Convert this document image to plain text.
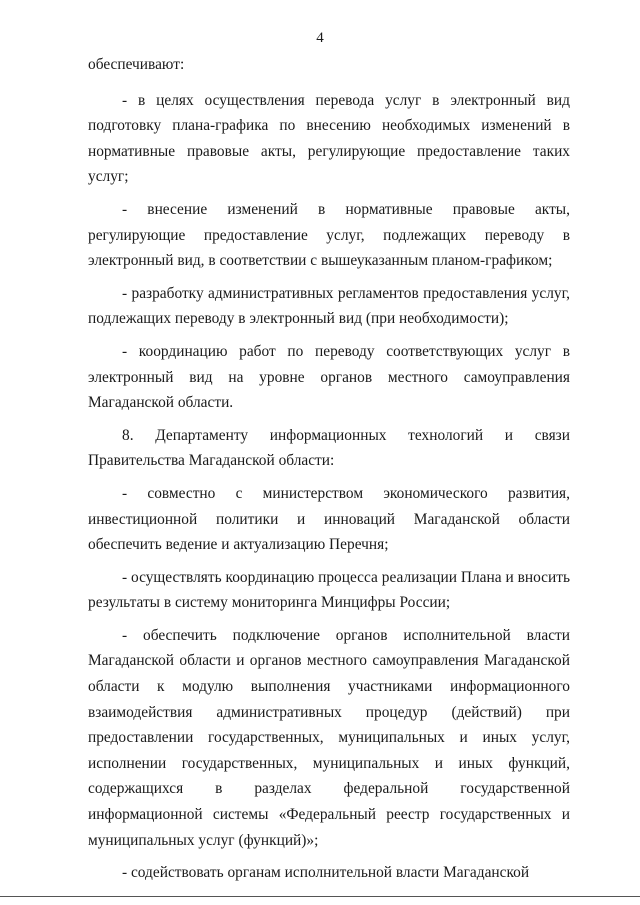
4

обеспечивают:

- в целях осуществления перевода услуг в электронный вид подготовку плана-графика по внесению необходимых изменений в нормативные правовые акты, регулирующие предоставление таких услуг;

- внесение изменений в нормативные правовые акты, регулирующие предоставление услуг, подлежащих переводу в электронный вид, в соответствии с вышеуказанным планом-графиком;

- разработку административных регламентов предоставления услуг, подлежащих переводу в электронный вид (при необходимости);

- координацию работ по переводу соответствующих услуг в электронный вид на уровне органов местного самоуправления Магаданской области.

8. Департаменту информационных технологий и связи Правительства Магаданской области:

- совместно с министерством экономического развития, инвестиционной политики и инноваций Магаданской области обеспечить ведение и актуализацию Перечня;

- осуществлять координацию процесса реализации Плана и вносить результаты в систему мониторинга Минцифры России;

- обеспечить подключение органов исполнительной власти Магаданской области и органов местного самоуправления Магаданской области к модулю выполнения участниками информационного взаимодействия административных процедур (действий) при предоставлении государственных, муниципальных и иных услуг, исполнении государственных, муниципальных и иных функций, содержащихся в разделах федеральной государственной информационной системы «Федеральный реестр государственных и муниципальных услуг (функций)»;

- содействовать органам исполнительной власти Магаданской
